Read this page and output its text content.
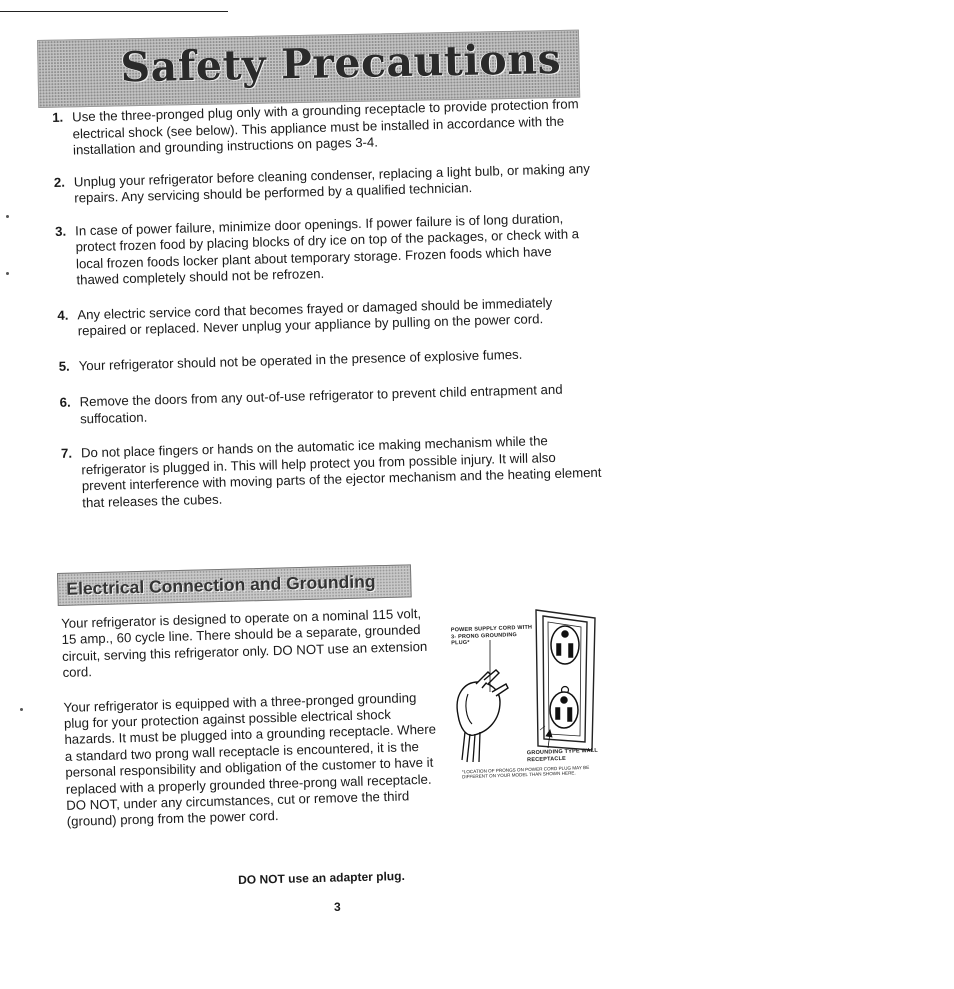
Safety Precautions
1. Use the three-pronged plug only with a grounding receptacle to provide protection from electrical shock (see below). This appliance must be installed in accordance with the installation and grounding instructions on pages 3-4.
2. Unplug your refrigerator before cleaning condenser, replacing a light bulb, or making any repairs. Any servicing should be performed by a qualified technician.
3. In case of power failure, minimize door openings. If power failure is of long duration, protect frozen food by placing blocks of dry ice on top of the packages, or check with a local frozen foods locker plant about temporary storage. Frozen foods which have thawed completely should not be refrozen.
4. Any electric service cord that becomes frayed or damaged should be immediately repaired or replaced. Never unplug your appliance by pulling on the power cord.
5. Your refrigerator should not be operated in the presence of explosive fumes.
6. Remove the doors from any out-of-use refrigerator to prevent child entrapment and suffocation.
7. Do not place fingers or hands on the automatic ice making mechanism while the refrigerator is plugged in. This will help protect you from possible injury. It will also prevent interference with moving parts of the ejector mechanism and the heating element that releases the cubes.
Electrical Connection and Grounding

Your refrigerator is designed to operate on a nominal 115 volt, 15 amp., 60 cycle line. There should be a separate, grounded circuit, serving this refrigerator only. DO NOT use an extension cord.

Your refrigerator is equipped with a three-pronged grounding plug for your protection against possible electrical shock hazards. It must be plugged into a grounding receptacle. Where a standard two prong wall receptacle is encountered, it is the personal responsibility and obligation of the customer to have it replaced with a properly grounded three-prong wall receptacle. DO NOT, under any circumstances, cut or remove the third (ground) prong from the power cord.

POWER SUPPLY CORD WITH 3- PRONG GROUNDING PLUG*
GROUNDING TYPE WALL RECEPTACLE
*LOCATION OF PRONGS ON POWER CORD PLUG MAY BE DIFFERENT ON YOUR MODEL THAN SHOWN HERE.
DO NOT use an adapter plug.
3
